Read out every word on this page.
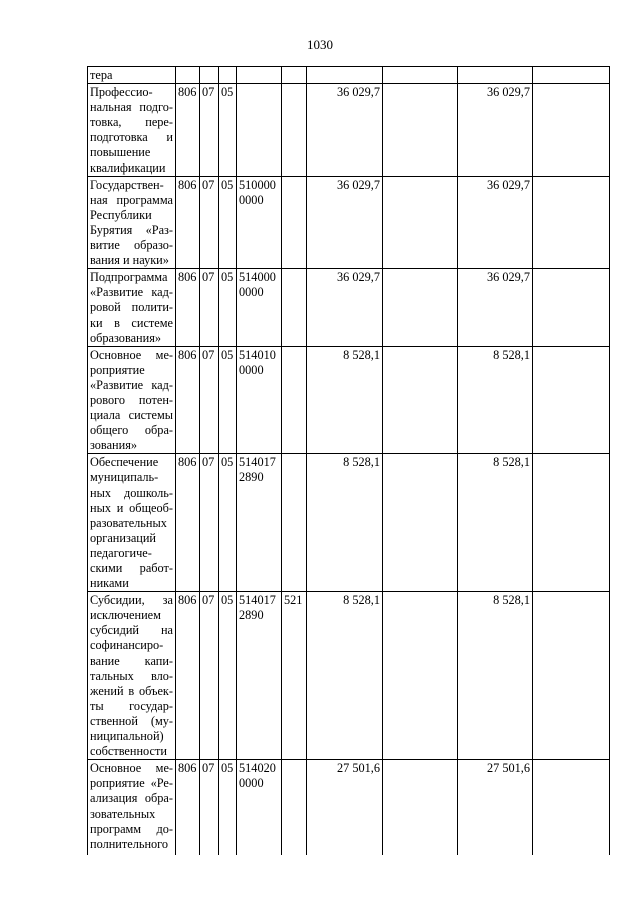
1030
тера									
Профессио-нальная подго-товка, пере-подготовка и повышение квалификации	806	07	05			36 029,7		36 029,7	
Государствен-ная программа Республики Бурятия «Раз-витие образо-вания и науки»	806	07	05	510000 0000		36 029,7		36 029,7	
Подпрограмма «Развитие кад-ровой полити-ки в системе образования»	806	07	05	514000 0000		36 029,7		36 029,7	
Основное ме-роприятие «Развитие кад-рового потен-циала системы общего обра-зования»	806	07	05	514010 0000		8 528,1		8 528,1	
Обеспечение муниципаль-ных дошколь-ных и общеоб-разовательных организаций педагогиче-скими работ-никами	806	07	05	514017 2890		8 528,1		8 528,1	
Субсидии, за исключением субсидий на софинансиро-вание капи-тальных вло-жений в объек-ты государ-ственной (му-ниципальной) собственности	806	07	05	514017 2890	521	8 528,1		8 528,1	
Основное ме-роприятие «Ре-ализация обра-зовательных программ до-полнительного	806	07	05	514020 0000		27 501,6		27 501,6	
